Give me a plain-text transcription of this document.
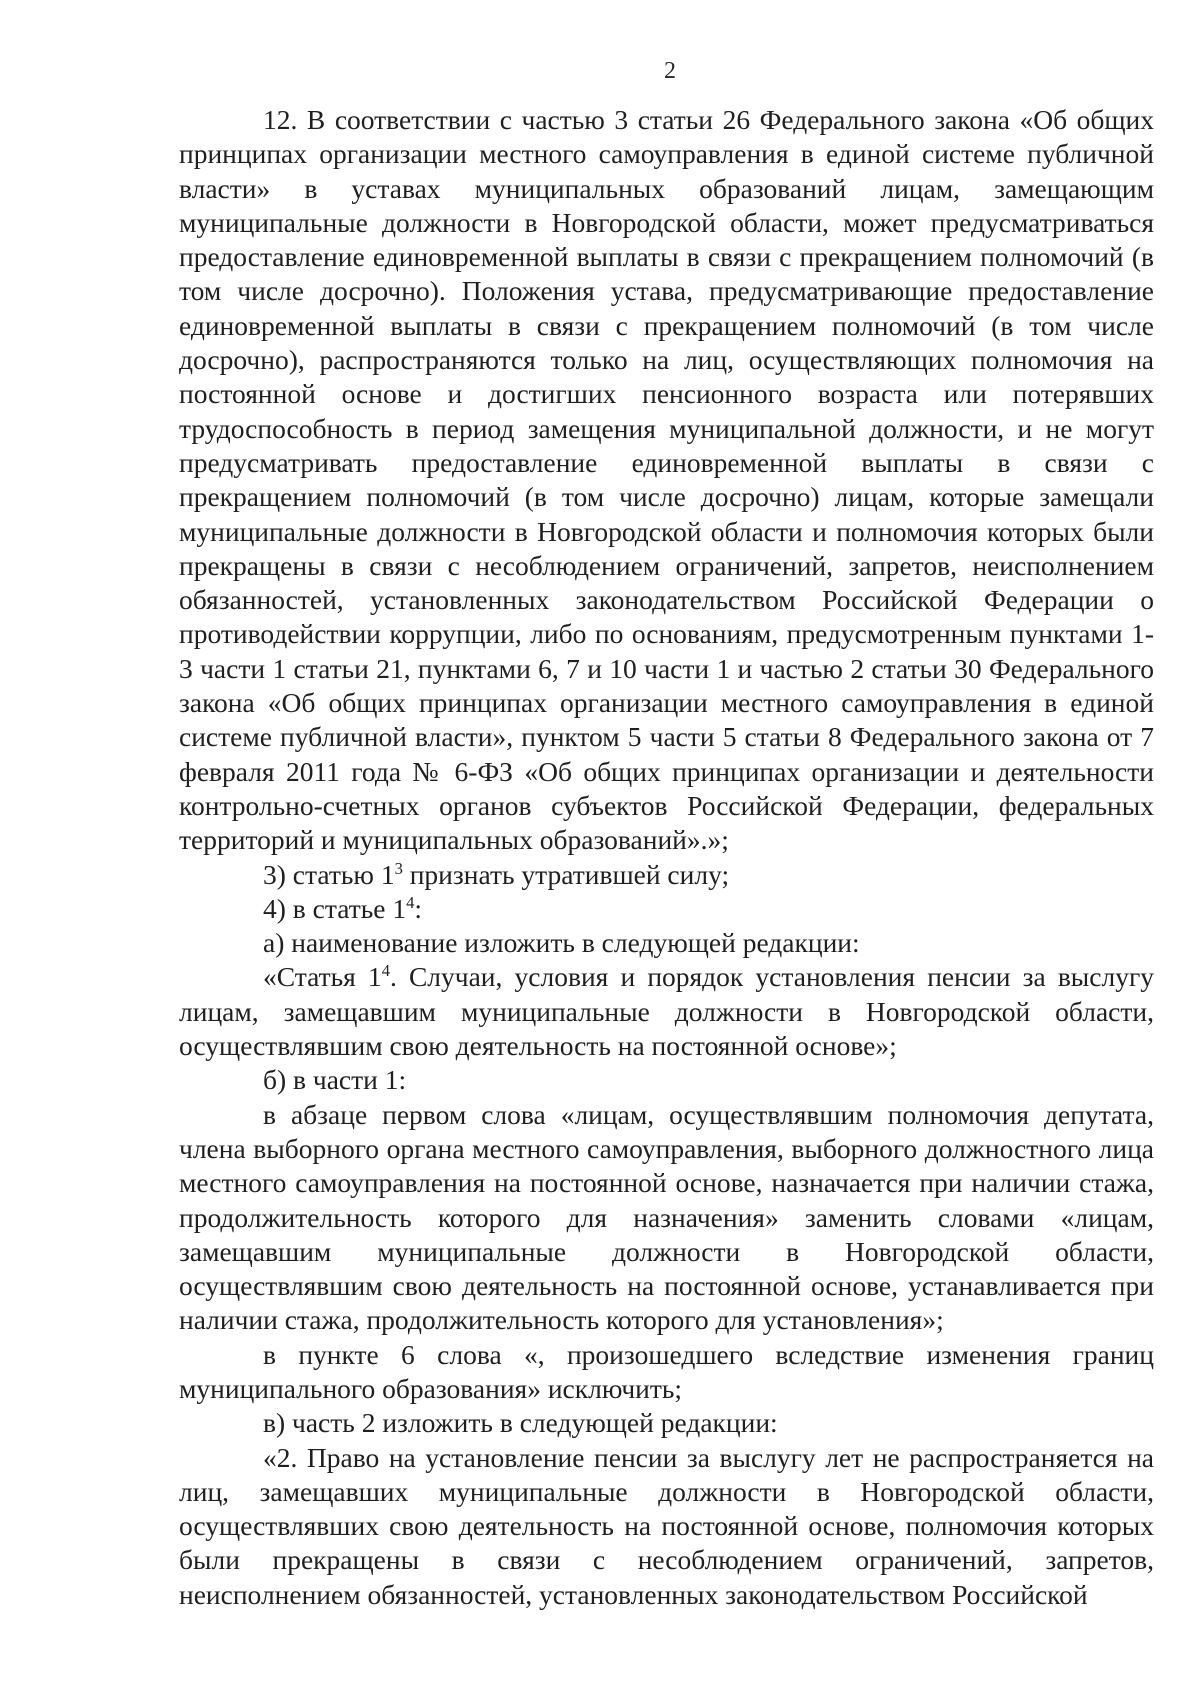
2

12. В соответствии с частью 3 статьи 26 Федерального закона «Об общих принципах организации местного самоуправления в единой системе публичной власти» в уставах муниципальных образований лицам, замещающим муниципальные должности в Новгородской области, может предусматриваться предоставление единовременной выплаты в связи с прекращением полномочий (в том числе досрочно). Положения устава, предусматривающие предоставление единовременной выплаты в связи с прекращением полномочий (в том числе досрочно), распространяются только на лиц, осуществляющих полномочия на постоянной основе и достигших пенсионного возраста или потерявших трудоспособность в период замещения муниципальной должности, и не могут предусматривать предоставление единовременной выплаты в связи с прекращением полномочий (в том числе досрочно) лицам, которые замещали муниципальные должности в Новгородской области и полномочия которых были прекращены в связи с несоблюдением ограничений, запретов, неисполнением обязанностей, установленных законодательством Российской Федерации о противодействии коррупции, либо по основаниям, предусмотренным пунктами 1-3 части 1 статьи 21, пунктами 6, 7 и 10 части 1 и частью 2 статьи 30 Федерального закона «Об общих принципах организации местного самоуправления в единой системе публичной власти», пунктом 5 части 5 статьи 8 Федерального закона от 7 февраля 2011 года № 6-ФЗ «Об общих принципах организации и деятельности контрольно-счетных органов субъектов Российской Федерации, федеральных территорий и муниципальных образований».»;

3) статью $1^3$ признать утратившей силу;

4) в статье $1^4$:

а) наименование изложить в следующей редакции:

«Статья $1^4$. Случаи, условия и порядок установления пенсии за выслугу лицам, замещавшим муниципальные должности в Новгородской области, осуществлявшим свою деятельность на постоянной основе»;

б) в части 1:

в абзаце первом слова «лицам, осуществлявшим полномочия депутата, члена выборного органа местного самоуправления, выборного должностного лица местного самоуправления на постоянной основе, назначается при наличии стажа, продолжительность которого для назначения» заменить словами «лицам, замещавшим муниципальные должности в Новгородской области, осуществлявшим свою деятельность на постоянной основе, устанавливается при наличии стажа, продолжительность которого для установления»;

в пункте 6 слова «, произошедшего вследствие изменения границ муниципального образования» исключить;

в) часть 2 изложить в следующей редакции:

«2. Право на установление пенсии за выслугу лет не распространяется на лиц, замещавших муниципальные должности в Новгородской области, осуществлявших свою деятельность на постоянной основе, полномочия которых были прекращены в связи с несоблюдением ограничений, запретов, неисполнением обязанностей, установленных законодательством Российской
